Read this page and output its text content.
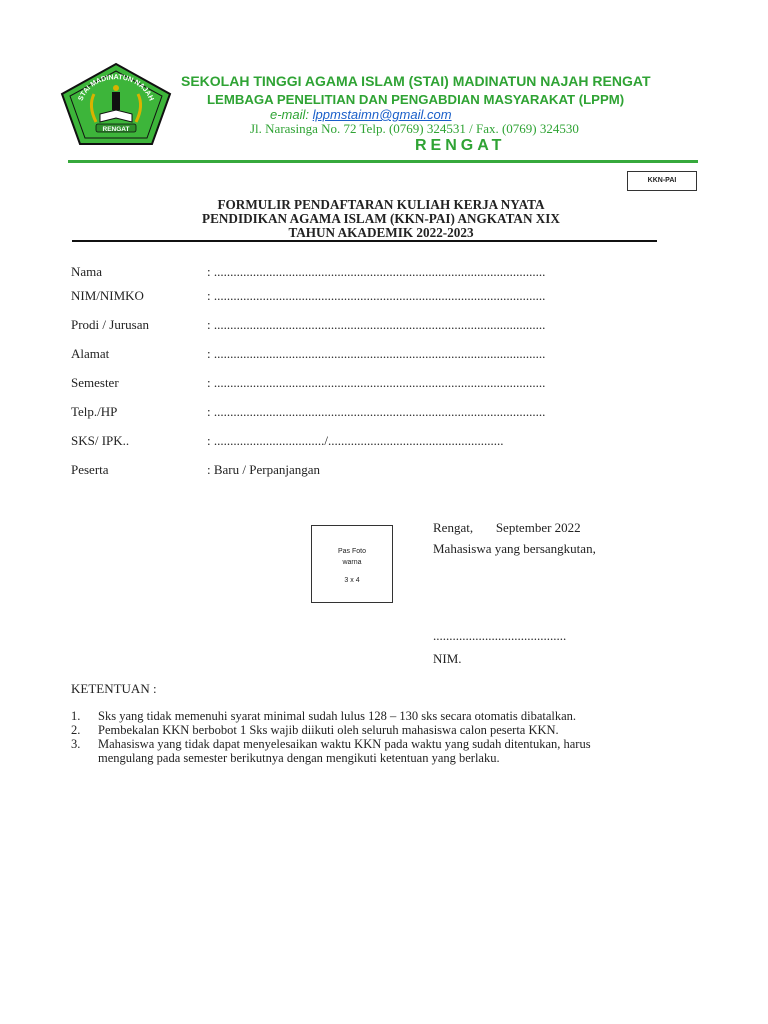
STAI MADINATUN NAJAH
RENGAT
SEKOLAH TINGGI AGAMA ISLAM (STAI) MADINATUN NAJAH RENGAT
LEMBAGA PENELITIAN DAN PENGABDIAN MASYARAKAT (LPPM)
e-mail: lppmstaimn@gmail.com
Jl. Narasinga No. 72 Telp. (0769) 324531 / Fax. (0769) 324530
RENGAT
KKN-PAI
FORMULIR PENDAFTARAN KULIAH KERJA NYATA
PENDIDIKAN AGAMA ISLAM (KKN-PAI) ANGKATAN XIX
TAHUN AKADEMIK 2022-2023
Nama	: ......................................................................................................
NIM/NIMKO	: ......................................................................................................
Prodi / Jurusan	: ......................................................................................................
Alamat	: ......................................................................................................
Semester	: ......................................................................................................
Telp./HP	: ......................................................................................................
SKS/ IPK..	: ................................../......................................................
Peserta	: Baru / Perpanjangan
Pas Foto
warna
3 x 4
Rengat,       September 2022
Mahasiswa yang bersangkutan,
.........................................
NIM.
KETENTUAN :
1. Sks yang tidak memenuhi syarat minimal sudah lulus 128 – 130 sks secara otomatis dibatalkan.
2. Pembekalan KKN berbobot 1 Sks wajib diikuti oleh seluruh mahasiswa calon peserta KKN.
3. Mahasiswa yang tidak dapat menyelesaikan waktu KKN pada waktu yang sudah ditentukan, harus
mengulang pada semester berikutnya dengan mengikuti ketentuan yang berlaku.
